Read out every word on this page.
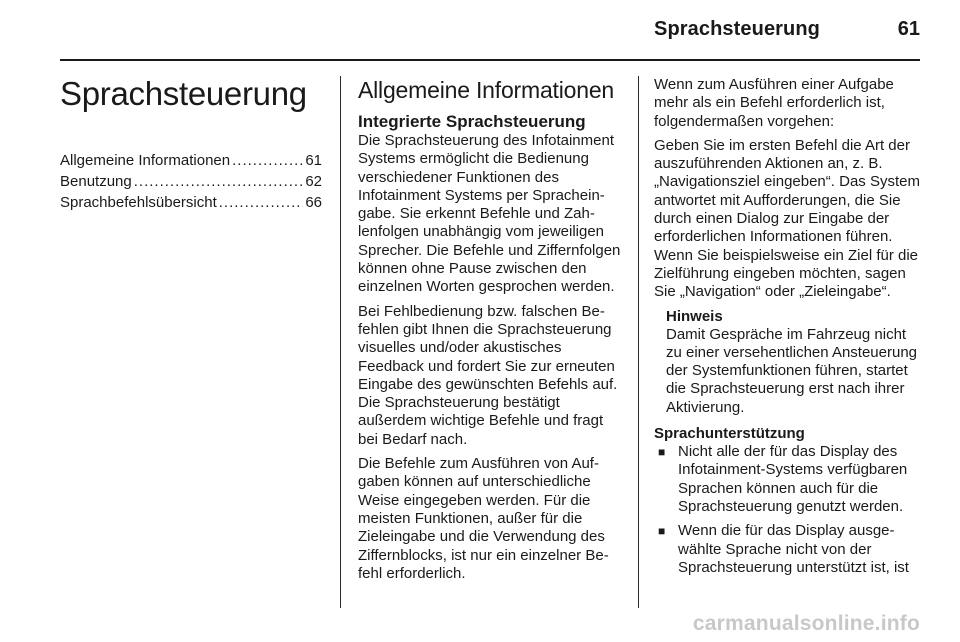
Sprachsteuerung	61
Sprachsteuerung
Allgemeine Informationen .....	61
Benutzung .....	62
Sprachbefehlsübersicht .....	66
Allgemeine Informationen
Integrierte Sprachsteuerung

Die Sprachsteuerung des Infotainment Systems ermöglicht die Bedienung verschiedener Funktionen des Infotainment Systems per Spracheingabe. Sie erkennt Befehle und Zahlenfolgen unabhängig vom jeweiligen Sprecher. Die Befehle und Ziffernfolgen können ohne Pause zwischen den einzelnen Worten gesprochen werden.

Bei Fehlbedienung bzw. falschen Befehlen gibt Ihnen die Sprachsteuerung visuelles und/oder akustisches Feedback und fordert Sie zur erneuten Eingabe des gewünschten Befehls auf. Die Sprachsteuerung bestätigt außerdem wichtige Befehle und fragt bei Bedarf nach.

Die Befehle zum Ausführen von Aufgaben können auf unterschiedliche Weise eingegeben werden. Für die meisten Funktionen, außer für die Zieleingabe und die Verwendung des Ziffernblocks, ist nur ein einzelner Befehl erforderlich.

Wenn zum Ausführen einer Aufgabe mehr als ein Befehl erforderlich ist, folgendermaßen vorgehen:

Geben Sie im ersten Befehl die Art der auszuführenden Aktionen an, z. B. „Navigationsziel eingeben“. Das System antwortet mit Aufforderungen, die Sie durch einen Dialog zur Eingabe der erforderlichen Informationen führen. Wenn Sie beispielsweise ein Ziel für die Zielführung eingeben möchten, sagen Sie „Navigation“ oder „Zieleingabe“.

Hinweis
Damit Gespräche im Fahrzeug nicht zu einer versehentlichen Ansteuerung der Systemfunktionen führen, startet die Sprachsteuerung erst nach ihrer Aktivierung.
Sprachunterstützung
■ Nicht alle der für das Display des Infotainment-Systems verfügbaren Sprachen können auch für die Sprachsteuerung genutzt werden.
■ Wenn die für das Display ausgewählte Sprache nicht von der Sprachsteuerung unterstützt ist, ist
carmanualsonline.info
